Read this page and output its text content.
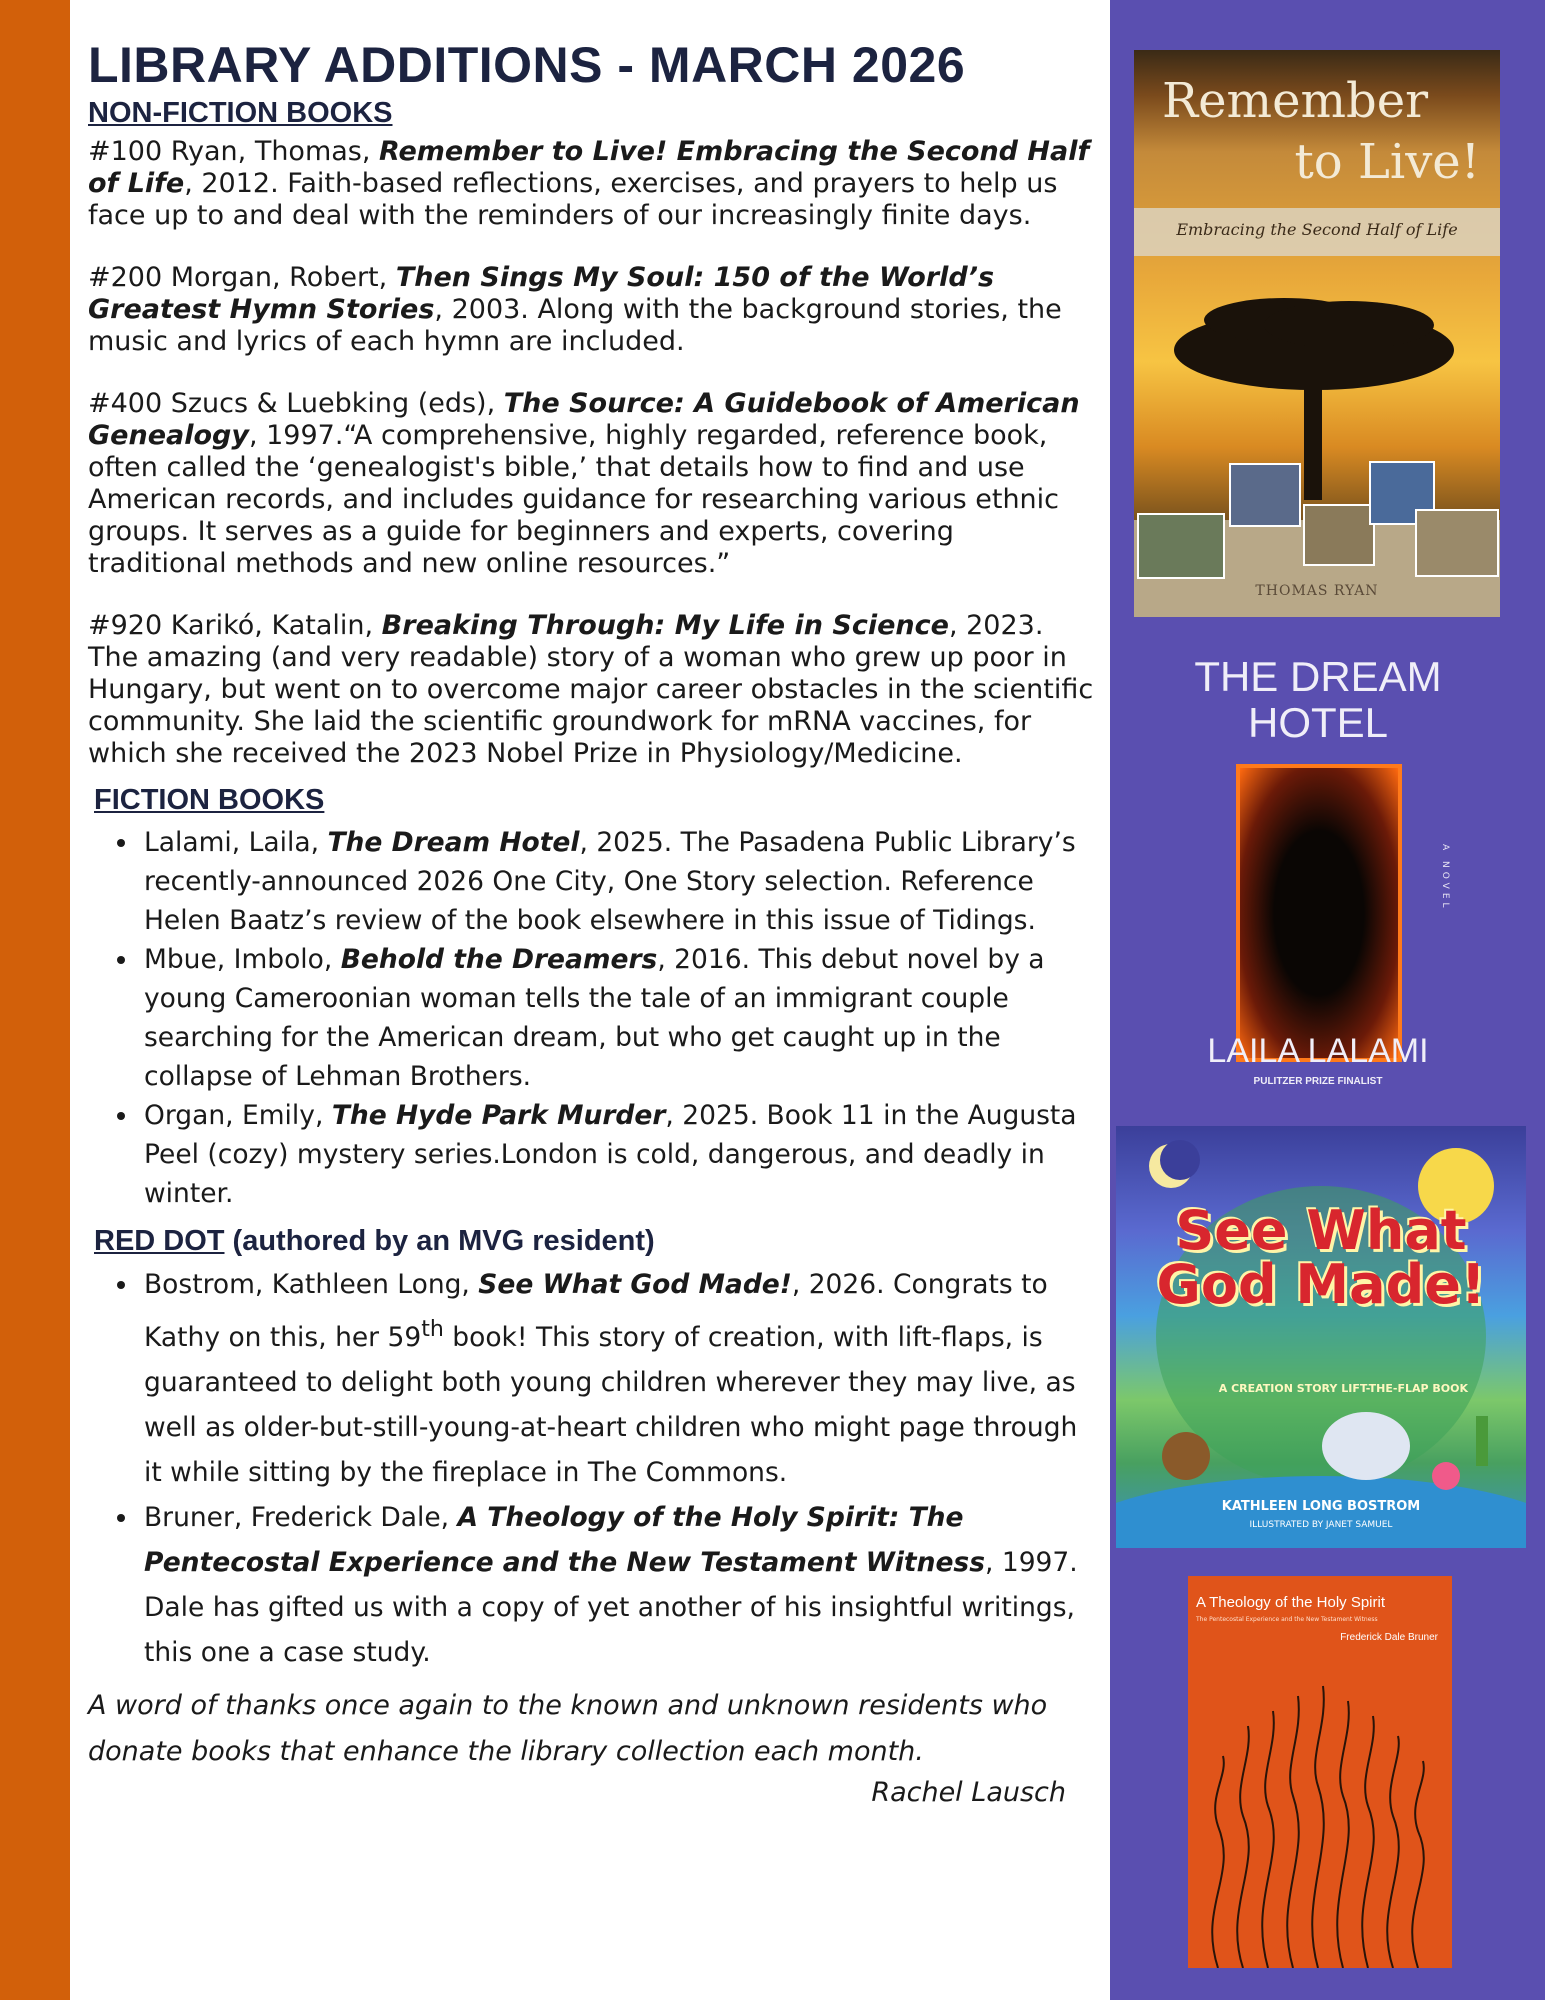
LIBRARY ADDITIONS - MARCH 2026
NON-FICTION BOOKS

#100 Ryan, Thomas, Remember to Live! Embracing the Second Half of Life, 2012. Faith-based reflections, exercises, and prayers to help us face up to and deal with the reminders of our increasingly finite days.

#200 Morgan, Robert, Then Sings My Soul: 150 of the World’s Greatest Hymn Stories, 2003. Along with the background stories, the music and lyrics of each hymn are included.

#400 Szucs & Luebking (eds), The Source: A Guidebook of American Genealogy, 1997.“A comprehensive, highly regarded, reference book, often called the ‘genealogist's bible,’ that details how to find and use American records, and includes guidance for researching various ethnic groups. It serves as a guide for beginners and experts, covering traditional methods and new online resources.”

#920 Karikó, Katalin, Breaking Through: My Life in Science, 2023. The amazing (and very readable) story of a woman who grew up poor in Hungary, but went on to overcome major career obstacles in the scientific community. She laid the scientific groundwork for mRNA vaccines, for which she received the 2023 Nobel Prize in Physiology/Medicine.

FICTION BOOKS
• Lalami, Laila, The Dream Hotel, 2025. The Pasadena Public Library’s recently-announced 2026 One City, One Story selection. Reference Helen Baatz’s review of the book elsewhere in this issue of Tidings.
• Mbue, Imbolo, Behold the Dreamers, 2016. This debut novel by a young Cameroonian woman tells the tale of an immigrant couple searching for the American dream, but who get caught up in the collapse of Lehman Brothers.
• Organ, Emily, The Hyde Park Murder, 2025. Book 11 in the Augusta Peel (cozy) mystery series.London is cold, dangerous, and deadly in winter.
RED DOT (authored by an MVG resident)
• Bostrom, Kathleen Long, See What God Made!, 2026. Congrats to Kathy on this, her 59th book! This story of creation, with lift-flaps, is guaranteed to delight both young children wherever they may live, as well as older-but-still-young-at-heart children who might page through it while sitting by the fireplace in The Commons.
• Bruner, Frederick Dale, A Theology of the Holy Spirit: The Pentecostal Experience and the New Testament Witness, 1997. Dale has gifted us with a copy of yet another of his insightful writings, this one a case study.

A word of thanks once again to the known and unknown residents who donate books that enhance the library collection each month.

Rachel Lausch
Remember
to Live!
Embracing the Second Half of Life
THOMAS RYAN
THE DREAM HOTEL
A NOVEL
LAILA LALAMI
PULITZER PRIZE FINALIST
See What God Made!
A CREATION STORY LIFT-THE-FLAP BOOK
KATHLEEN LONG BOSTROM
ILLUSTRATED BY JANET SAMUEL
A Theology of the Holy Spirit
The Pentecostal Experience and the New Testament Witness
Frederick Dale Bruner
